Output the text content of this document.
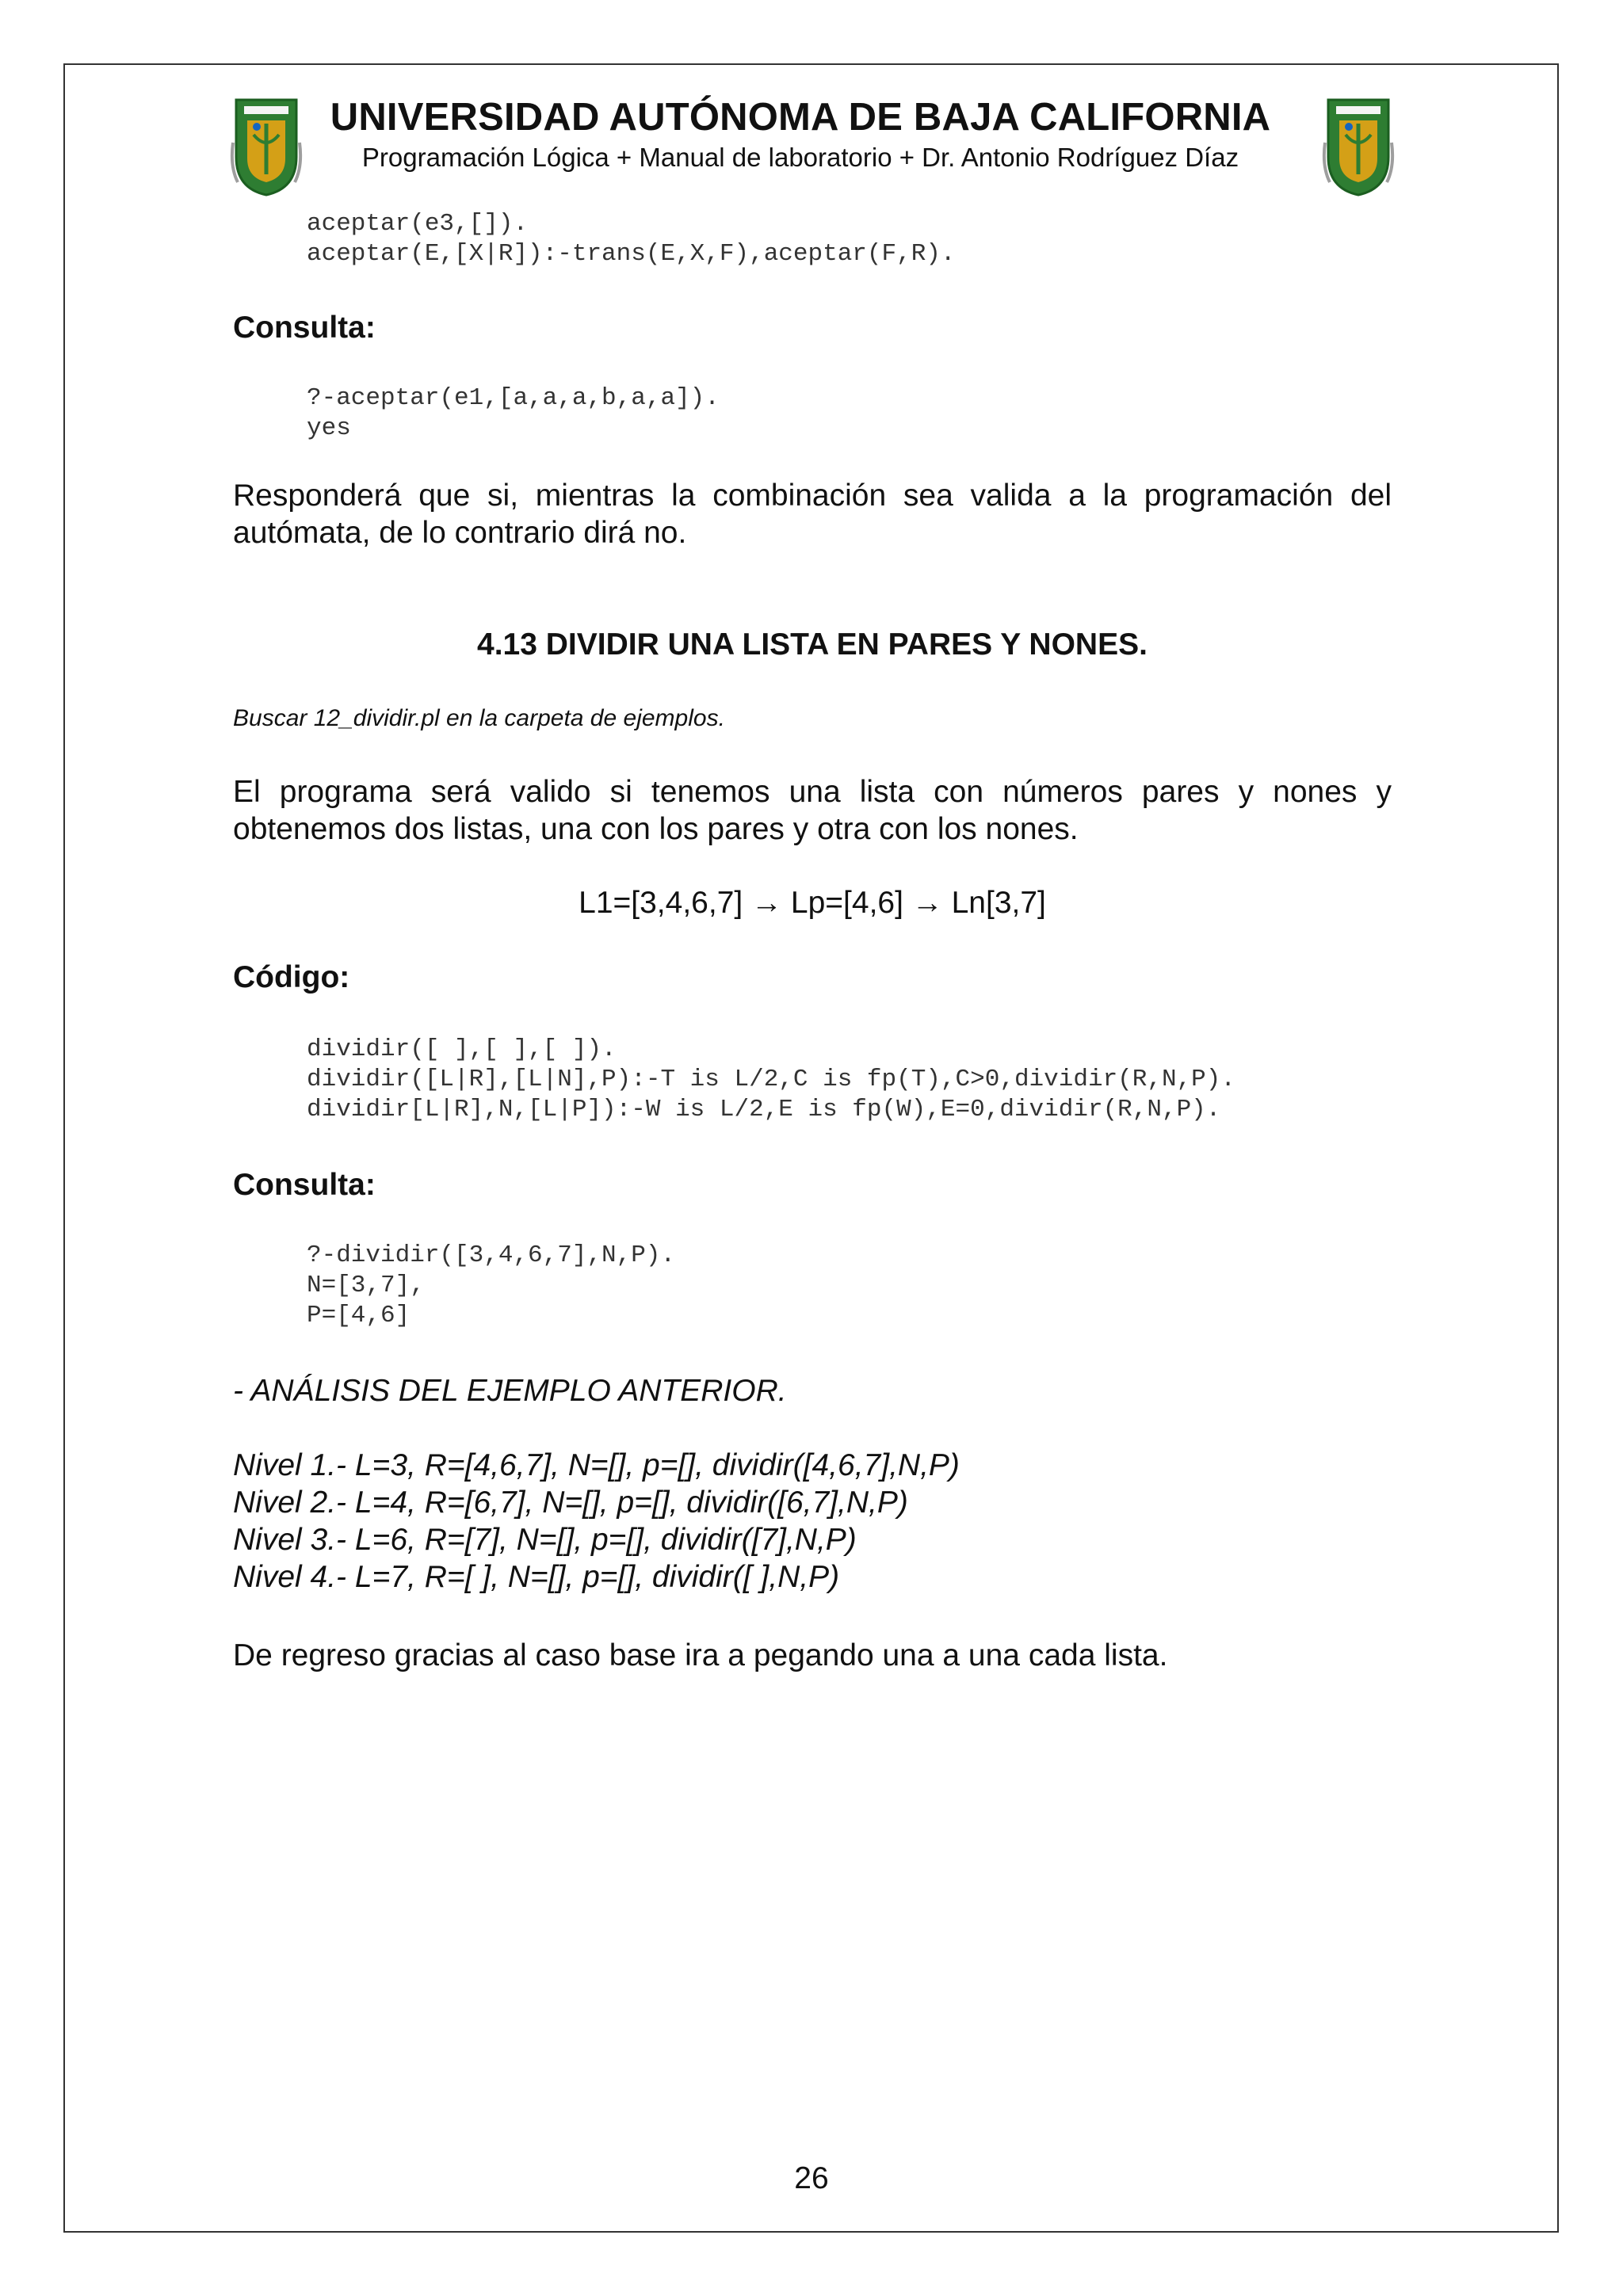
UNIVERSIDAD AUTÓNOMA DE BAJA CALIFORNIA
Programación Lógica + Manual de laboratorio + Dr. Antonio Rodríguez Díaz
aceptar(e3,[]).
aceptar(E,[X|R]):-trans(E,X,F),aceptar(F,R).
Consulta:
?-aceptar(e1,[a,a,a,b,a,a]).
yes
Responderá que si, mientras la combinación sea valida a la programación del autómata, de lo contrario dirá no.
4.13 DIVIDIR UNA LISTA EN PARES Y NONES.
Buscar 12_dividir.pl en la carpeta de ejemplos.
El programa será valido si tenemos una lista con números pares y nones y obtenemos dos listas, una con los pares y otra con los nones.
L1=[3,4,6,7] → Lp=[4,6] → Ln[3,7]
Código:
dividir([ ],[ ],[ ]).
dividir([L|R],[L|N],P):-T is L/2,C is fp(T),C>0,dividir(R,N,P).
dividir[L|R],N,[L|P]):-W is L/2,E is fp(W),E=0,dividir(R,N,P).
Consulta:
?-dividir([3,4,6,7],N,P).
N=[3,7],
P=[4,6]
- ANÁLISIS DEL EJEMPLO ANTERIOR.
Nivel 1.- L=3, R=[4,6,7], N=[], p=[], dividir([4,6,7],N,P)
Nivel 2.- L=4, R=[6,7], N=[], p=[], dividir([6,7],N,P)
Nivel 3.- L=6, R=[7], N=[], p=[], dividir([7],N,P)
Nivel 4.- L=7, R=[ ], N=[], p=[], dividir([ ],N,P)
De regreso gracias al caso base ira a pegando una a una cada lista.
26
